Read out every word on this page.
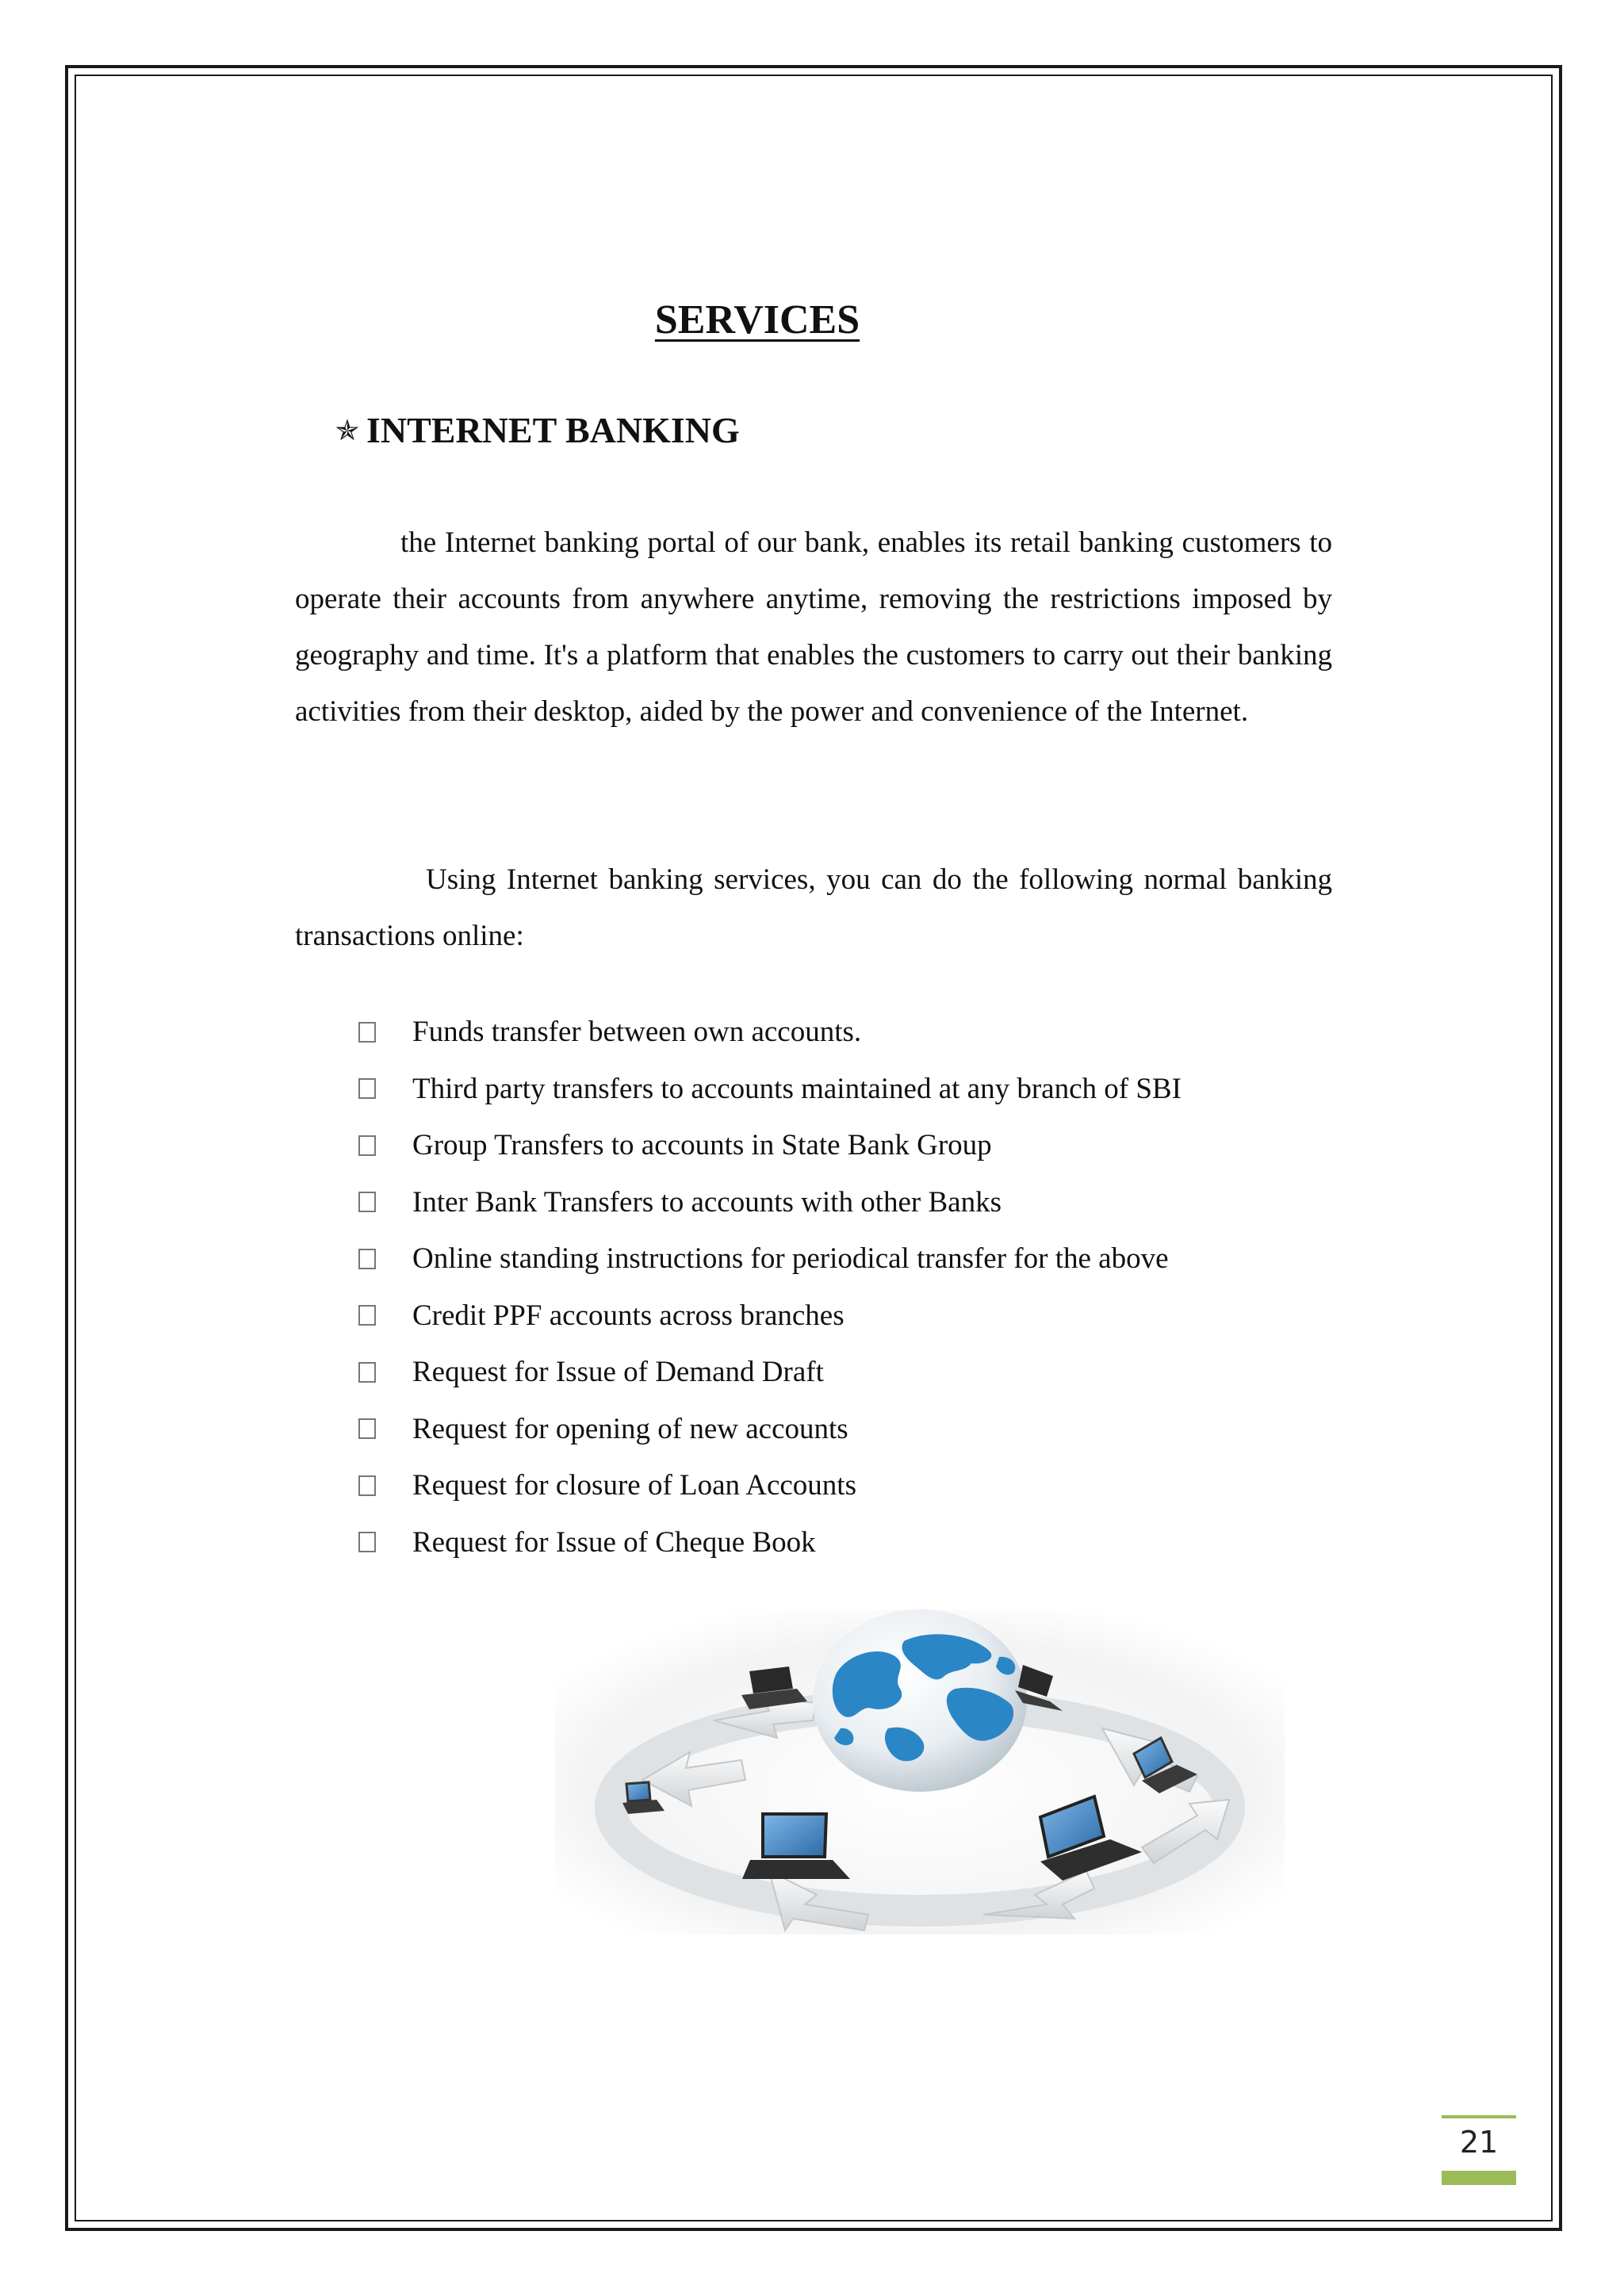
SERVICES
✯ INTERNET BANKING

the Internet banking portal of our bank, enables its retail banking customers to operate their accounts from anywhere anytime, removing the restrictions imposed by geography and time. It's a platform that enables the customers to carry out their banking activities from their desktop, aided by the power and convenience of the Internet.

Using Internet banking services, you can do the following normal banking transactions online:

Funds transfer between own accounts.
Third party transfers to accounts maintained at any branch of SBI
Group Transfers to accounts in State Bank Group
Inter Bank Transfers to accounts with other Banks
Online standing instructions for periodical transfer for the above
Credit PPF accounts across branches
Request for Issue of Demand Draft
Request for opening of new accounts
Request for closure of Loan Accounts
Request for Issue of Cheque Book
21
